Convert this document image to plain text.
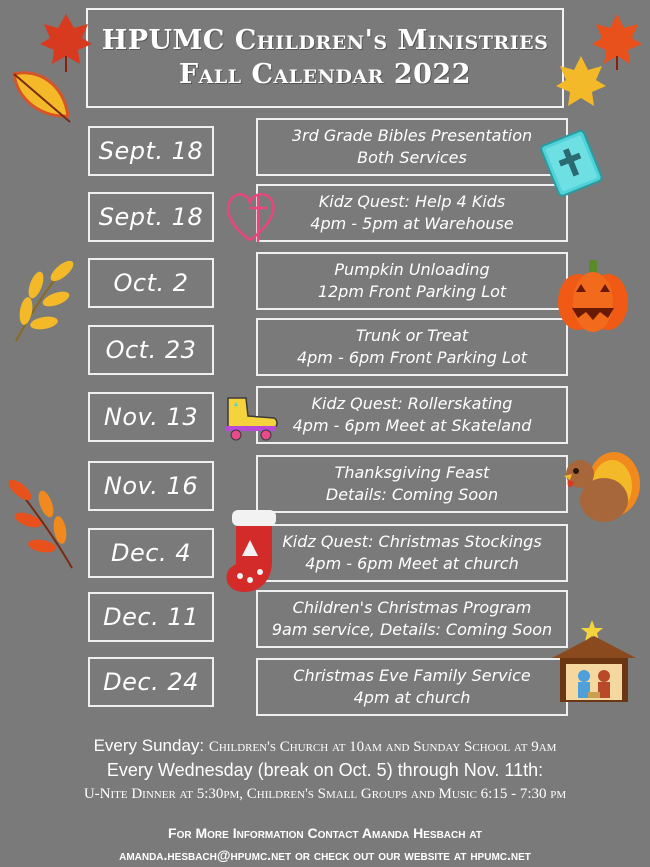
HPUMC Children's Ministries
Fall Calendar 2022
Sept. 18
Sept. 18
Oct. 2
Oct. 23
Nov. 13
Nov. 16
Dec. 4
Dec. 11
Dec. 24
3rd Grade Bibles Presentation
Both Services
Kidz Quest: Help 4 Kids
4pm - 5pm at Warehouse
Pumpkin Unloading
12pm Front Parking Lot
Trunk or Treat
4pm - 6pm Front Parking Lot
Kidz Quest: Rollerskating
4pm - 6pm Meet at Skateland
Thanksgiving Feast
Details: Coming Soon
Kidz Quest: Christmas Stockings
4pm - 6pm Meet at church
Children's Christmas Program
9am service, Details: Coming Soon
Christmas Eve Family Service
4pm at church
Every Sunday: Children's Church at 10am and Sunday School at 9am
Every Wednesday (break on Oct. 5) through Nov. 11th:
U-Nite Dinner at 5:30pm, Children's Small Groups and Music 6:15 - 7:30 pm
For More Information Contact Amanda Hesbach at
amanda.hesbach@hpumc.net or check out our website at hpumc.net
